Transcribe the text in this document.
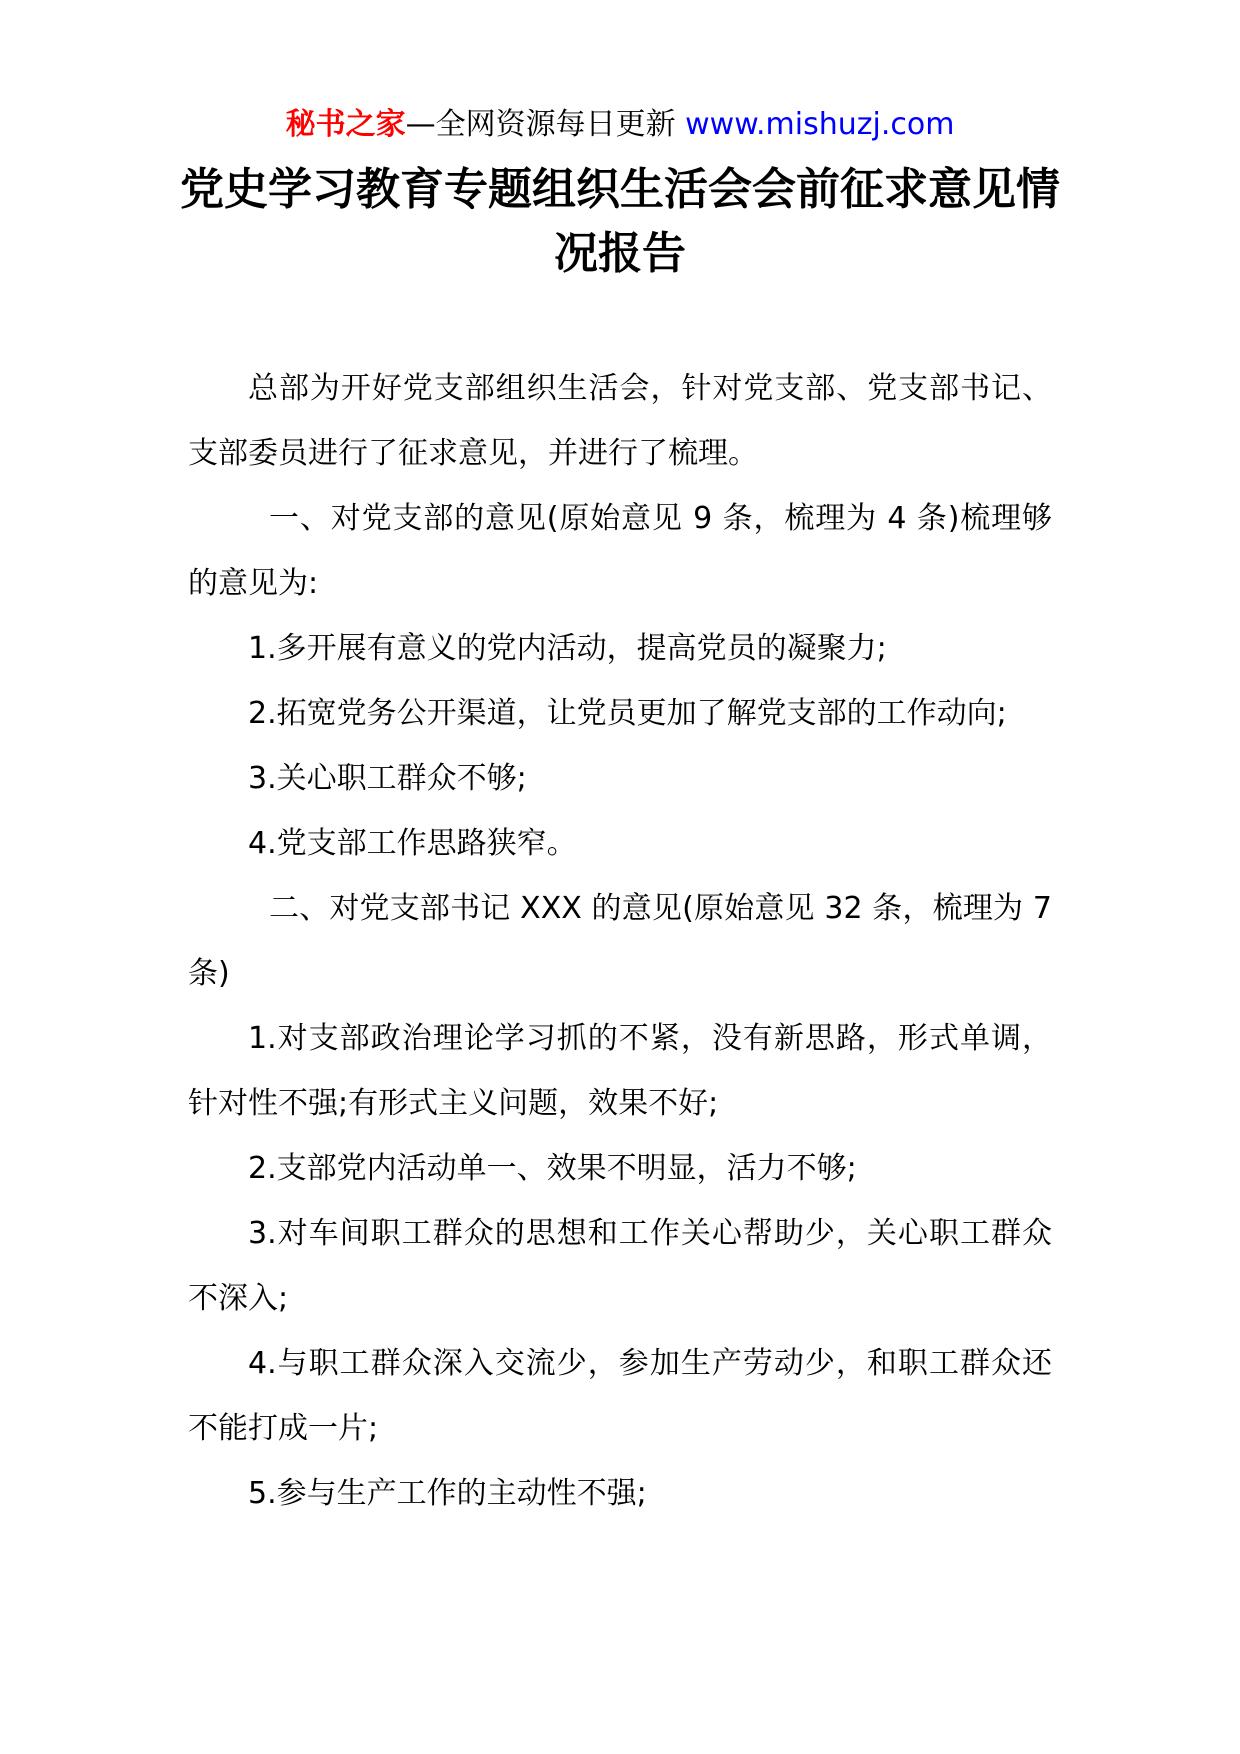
秘书之家—全网资源每日更新 www.mishuzj.com
党史学习教育专题组织生活会会前征求意见情况报告

总部为开好党支部组织生活会，针对党支部、党支部书记、支部委员进行了征求意见，并进行了梳理。

一、对党支部的意见(原始意见 9 条，梳理为 4 条)梳理够的意见为:

1.多开展有意义的党内活动，提高党员的凝聚力;

2.拓宽党务公开渠道，让党员更加了解党支部的工作动向;

3.关心职工群众不够;

4.党支部工作思路狭窄。

二、对党支部书记 XXX 的意见(原始意见 32 条，梳理为 7 条)

1.对支部政治理论学习抓的不紧，没有新思路，形式单调，针对性不强;有形式主义问题，效果不好;

2.支部党内活动单一、效果不明显，活力不够;

3.对车间职工群众的思想和工作关心帮助少，关心职工群众不深入;

4.与职工群众深入交流少，参加生产劳动少，和职工群众还不能打成一片;

5.参与生产工作的主动性不强;
